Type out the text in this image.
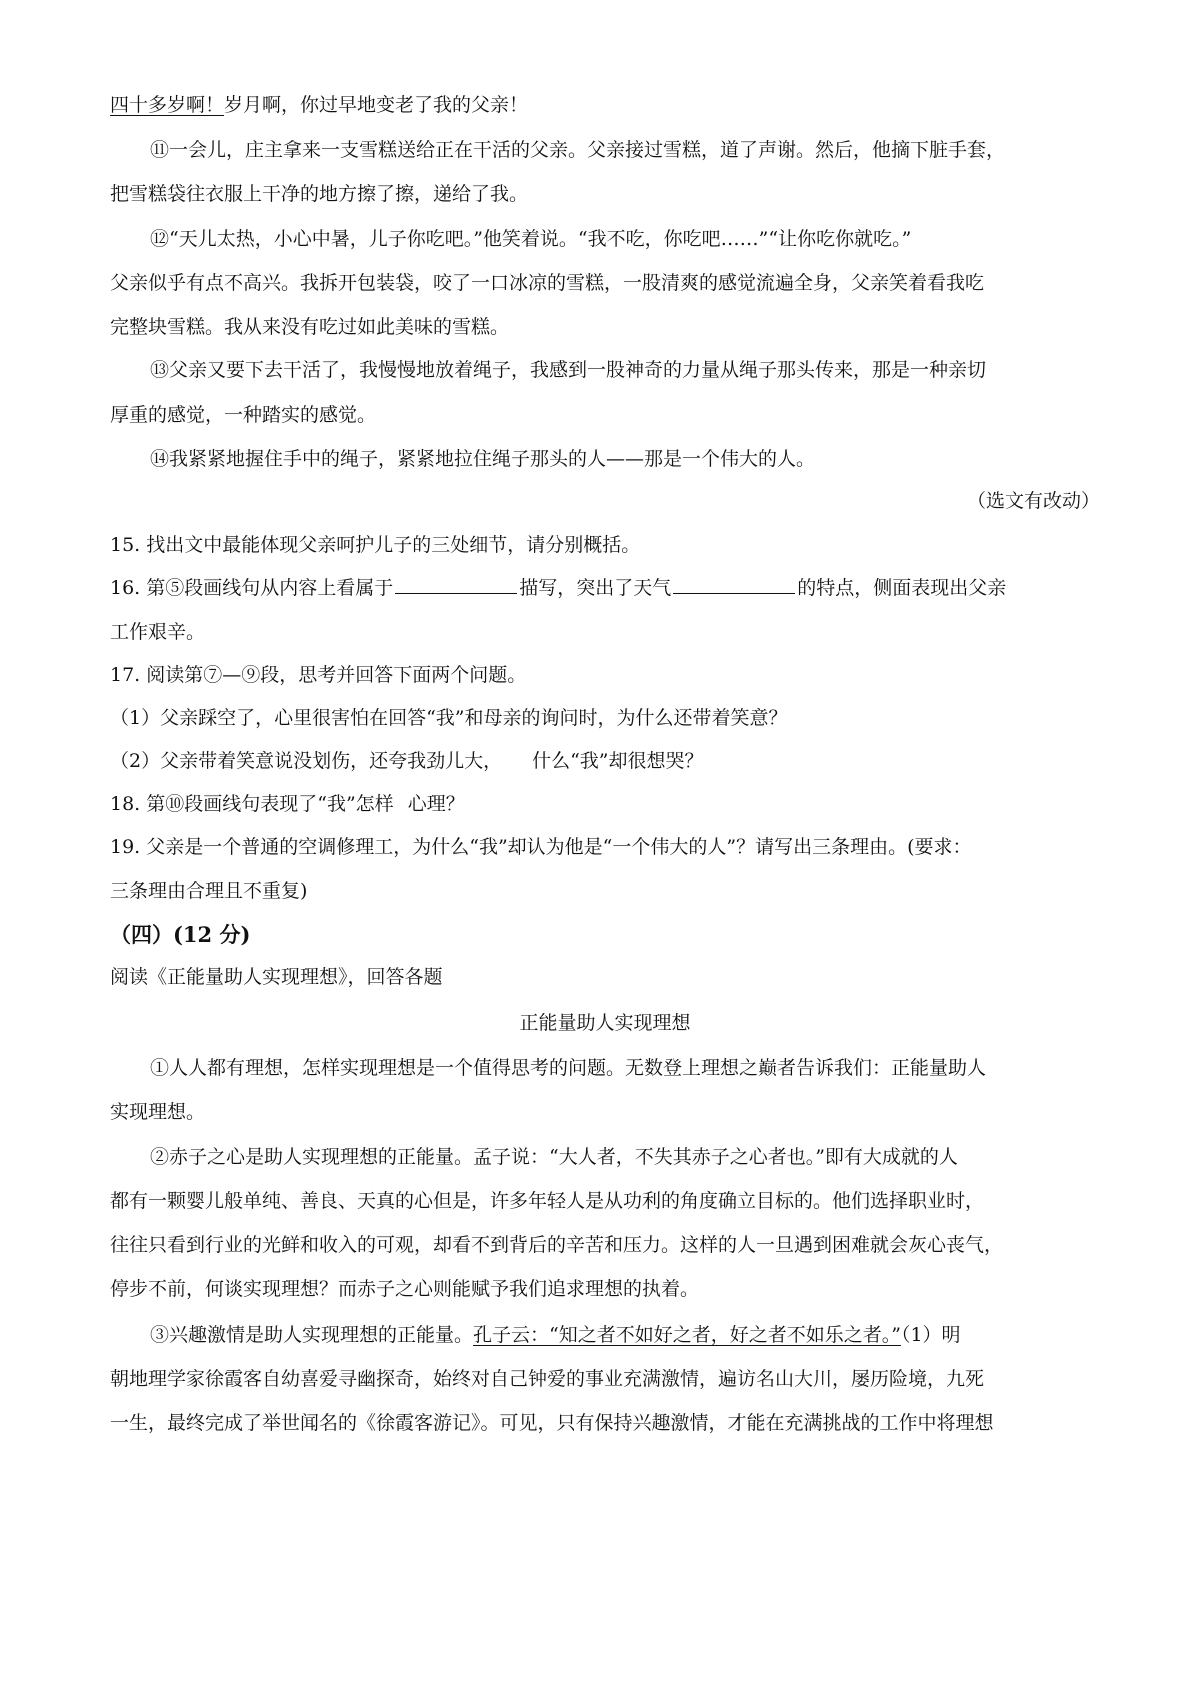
四十多岁啊！岁月啊，你过早地变老了我的父亲！
⑪一会儿，庄主拿来一支雪糕送给正在干活的父亲。父亲接过雪糕，道了声谢。然后，他摘下脏手套，
把雪糕袋往衣服上干净的地方擦了擦，递给了我。
⑫“天儿太热，小心中暑，儿子你吃吧。”他笑着说。“我不吃，你吃吧……”“让你吃你就吃。”
父亲似乎有点不高兴。我拆开包装袋，咬了一口冰凉的雪糕，一股清爽的感觉流遍全身，父亲笑着看我吃
完整块雪糕。我从来没有吃过如此美味的雪糕。
⑬父亲又要下去干活了，我慢慢地放着绳子，我感到一股神奇的力量从绳子那头传来，那是一种亲切
厚重的感觉，一种踏实的感觉。
⑭我紧紧地握住手中的绳子，紧紧地拉住绳子那头的人——那是一个伟大的人。
（选文有改动）
15. 找出文中最能体现父亲呵护儿子的三处细节，请分别概括。
16. 第⑤段画线句从内容上看属于	描写，突出了天气	的特点，侧面表现出父亲
工作艰辛。
17. 阅读第⑦—⑨段，思考并回答下面两个问题。
（1）父亲踩空了，心里很害怕在回答“我”和母亲的询问时，为什么还带着笑意？
（2）父亲带着笑意说没划伤，还夸我劲儿大， 什么“我”却很想哭？
18. 第⑩段画线句表现了“我”怎样 心理？
19. 父亲是一个普通的空调修理工，为什么“我”却认为他是“一个伟大的人”？请写出三条理由。(要求：
三条理由合理且不重复)
（四）(12 分)
阅读《正能量助人实现理想》，回答各题
正能量助人实现理想
①人人都有理想，怎样实现理想是一个值得思考的问题。无数登上理想之巅者告诉我们：正能量助人
实现理想。
②赤子之心是助人实现理想的正能量。孟子说：“大人者，不失其赤子之心者也。”即有大成就的人
都有一颗婴儿般单纯、善良、天真的心但是，许多年轻人是从功利的角度确立目标的。他们选择职业时，
往往只看到行业的光鲜和收入的可观，却看不到背后的辛苦和压力。这样的人一旦遇到困难就会灰心丧气，
停步不前，何谈实现理想？而赤子之心则能赋予我们追求理想的执着。
③兴趣激情是助人实现理想的正能量。孔子云：“知之者不如好之者，好之者不如乐之者。”（1）明
朝地理学家徐霞客自幼喜爱寻幽探奇，始终对自己钟爱的事业充满激情，遍访名山大川，屡历险境，九死
一生，最终完成了举世闻名的《徐霞客游记》。可见，只有保持兴趣激情，才能在充满挑战的工作中将理想
